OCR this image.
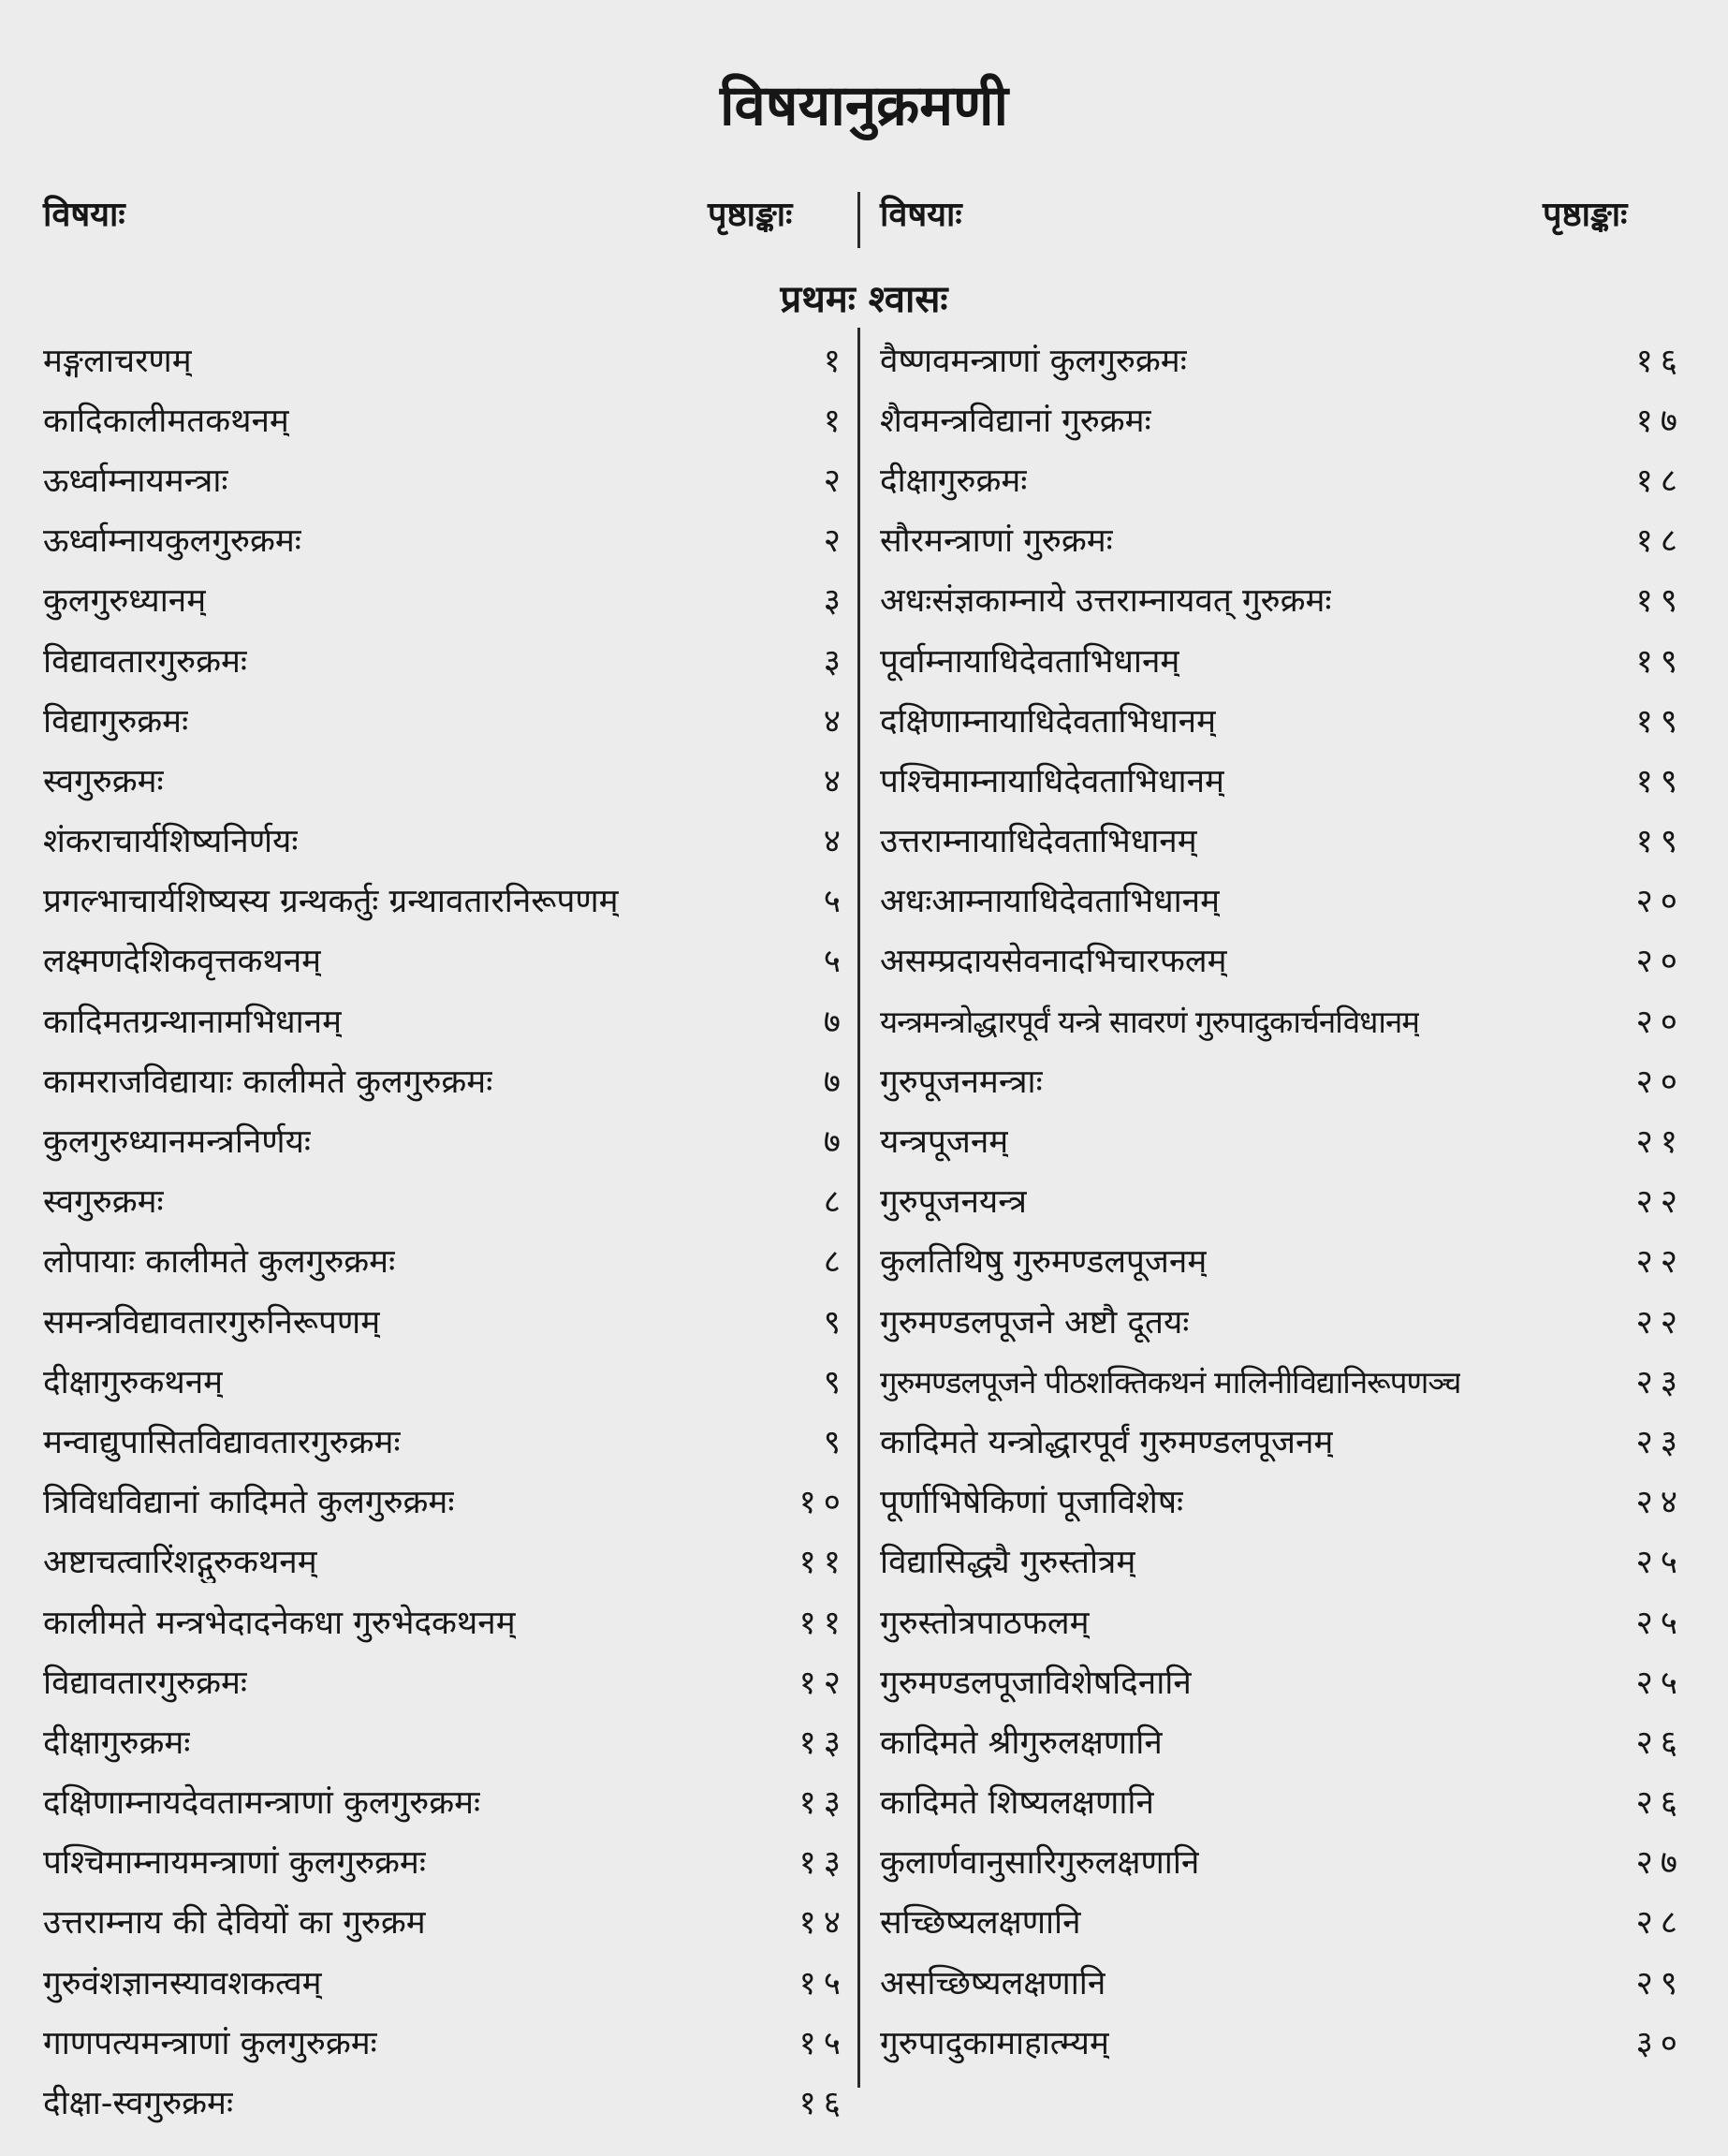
विषयानुक्रमणी
विषयाः	पृष्ठाङ्काः	विषयाः	पृष्ठाङ्काः
प्रथमः श्वासः
मङ्गलाचरणम्	१
कादिकालीमतकथनम्	१
ऊर्ध्वाम्नायमन्त्राः	२
ऊर्ध्वाम्नायकुलगुरुक्रमः	२
कुलगुरुध्यानम्	३
विद्यावतारगुरुक्रमः	३
विद्यागुरुक्रमः	४
स्वगुरुक्रमः	४
शंकराचार्यशिष्यनिर्णयः	४
प्रगल्भाचार्यशिष्यस्य ग्रन्थकर्तुः ग्रन्थावतारनिरूपणम्	५
लक्ष्मणदेशिकवृत्तकथनम्	५
कादिमतग्रन्थानामभिधानम्	७
कामराजविद्यायाः कालीमते कुलगुरुक्रमः	७
कुलगुरुध्यानमन्त्रनिर्णयः	७
स्वगुरुक्रमः	८
लोपायाः कालीमते कुलगुरुक्रमः	८
समन्त्रविद्यावतारगुरुनिरूपणम्	९
दीक्षागुरुकथनम्	९
मन्वाद्युपासितविद्यावतारगुरुक्रमः	९
त्रिविधविद्यानां कादिमते कुलगुरुक्रमः	१०
अष्टाचत्वारिंशद्गुरुकथनम्	११
कालीमते मन्त्रभेदादनेकधा गुरुभेदकथनम्	११
विद्यावतारगुरुक्रमः	१२
दीक्षागुरुक्रमः	१३
दक्षिणाम्नायदेवतामन्त्राणां कुलगुरुक्रमः	१३
पश्चिमाम्नायमन्त्राणां कुलगुरुक्रमः	१३
उत्तराम्नाय की देवियों का गुरुक्रम	१४
गुरुवंशज्ञानस्यावशकत्वम्	१५
गाणपत्यमन्त्राणां कुलगुरुक्रमः	१५
दीक्षा-स्वगुरुक्रमः	१६
वैष्णवमन्त्राणां कुलगुरुक्रमः	१६
शैवमन्त्रविद्यानां गुरुक्रमः	१७
दीक्षागुरुक्रमः	१८
सौरमन्त्राणां गुरुक्रमः	१८
अधःसंज्ञकाम्नाये उत्तराम्नायवत् गुरुक्रमः	१९
पूर्वाम्नायाधिदेवताभिधानम्	१९
दक्षिणाम्नायाधिदेवताभिधानम्	१९
पश्चिमाम्नायाधिदेवताभिधानम्	१९
उत्तराम्नायाधिदेवताभिधानम्	१९
अधःआम्नायाधिदेवताभिधानम्	२०
असम्प्रदायसेवनादभिचारफलम्	२०
यन्त्रमन्त्रोद्धारपूर्वं यन्त्रे सावरणं गुरुपादुकार्चनविधानम्	२०
गुरुपूजनमन्त्राः	२०
यन्त्रपूजनम्	२१
गुरुपूजनयन्त्र	२२
कुलतिथिषु गुरुमण्डलपूजनम्	२२
गुरुमण्डलपूजने अष्टौ दूतयः	२२
गुरुमण्डलपूजने पीठशक्तिकथनं मालिनीविद्यानिरूपणञ्च	२३
कादिमते यन्त्रोद्धारपूर्वं गुरुमण्डलपूजनम्	२३
पूर्णाभिषेकिणां पूजाविशेषः	२४
विद्यासिद्ध्यै गुरुस्तोत्रम्	२५
गुरुस्तोत्रपाठफलम्	२५
गुरुमण्डलपूजाविशेषदिनानि	२५
कादिमते श्रीगुरुलक्षणानि	२६
कादिमते शिष्यलक्षणानि	२६
कुलार्णवानुसारिगुरुलक्षणानि	२७
सच्छिष्यलक्षणानि	२८
असच्छिष्यलक्षणानि	२९
गुरुपादुकामाहात्म्यम्	३०
